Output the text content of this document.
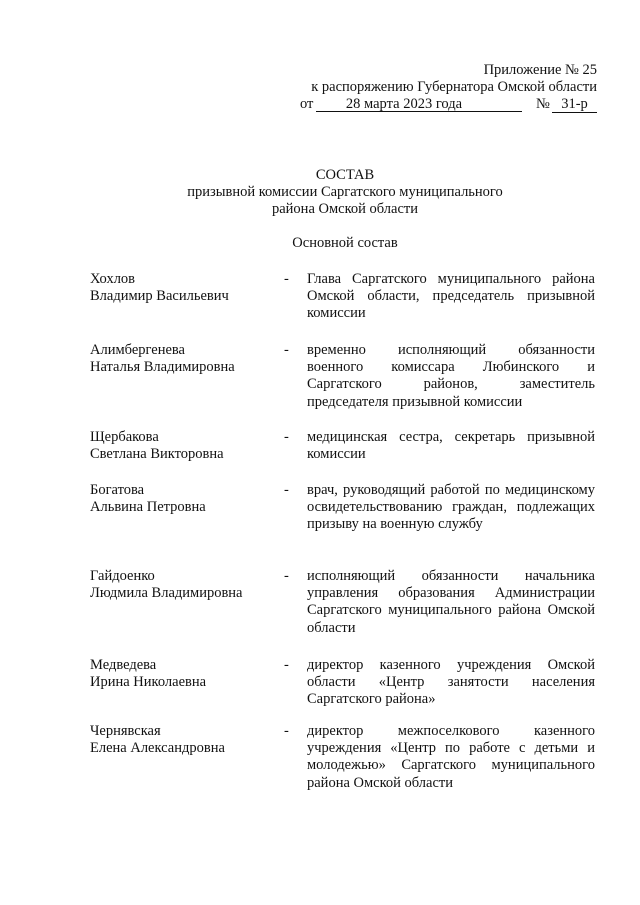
Приложение № 25
к распоряжению Губернатора Омской области
от	28 марта 2023 года	№ 31-р
СОСТАВ
призывной комиссии Саргатского муниципального
района Омской области
Основной состав
Хохлов
Владимир Васильевич
- Глава Саргатского муниципального района Омской области, председатель призывной комиссии
Алимбергенева
Наталья Владимировна
- временно исполняющий обязанности военного комиссара Любинского и Саргатского районов, заместитель председателя призывной комиссии
Щербакова
Светлана Викторовна
- медицинская сестра, секретарь призывной комиссии
Богатова
Альвина Петровна
- врач, руководящий работой по медицинскому освидетельствованию граждан, подлежащих призыву на военную службу
Гайдоенко
Людмила Владимировна
- исполняющий обязанности начальника управления образования Администрации Саргатского муниципального района Омской области
Медведева
Ирина Николаевна
- директор казенного учреждения Омской области «Центр занятости населения Саргатского района»
Чернявская
Елена Александровна
- директор межпоселкового казенного учреждения «Центр по работе с детьми и молодежью» Саргатского муниципального района Омской области
